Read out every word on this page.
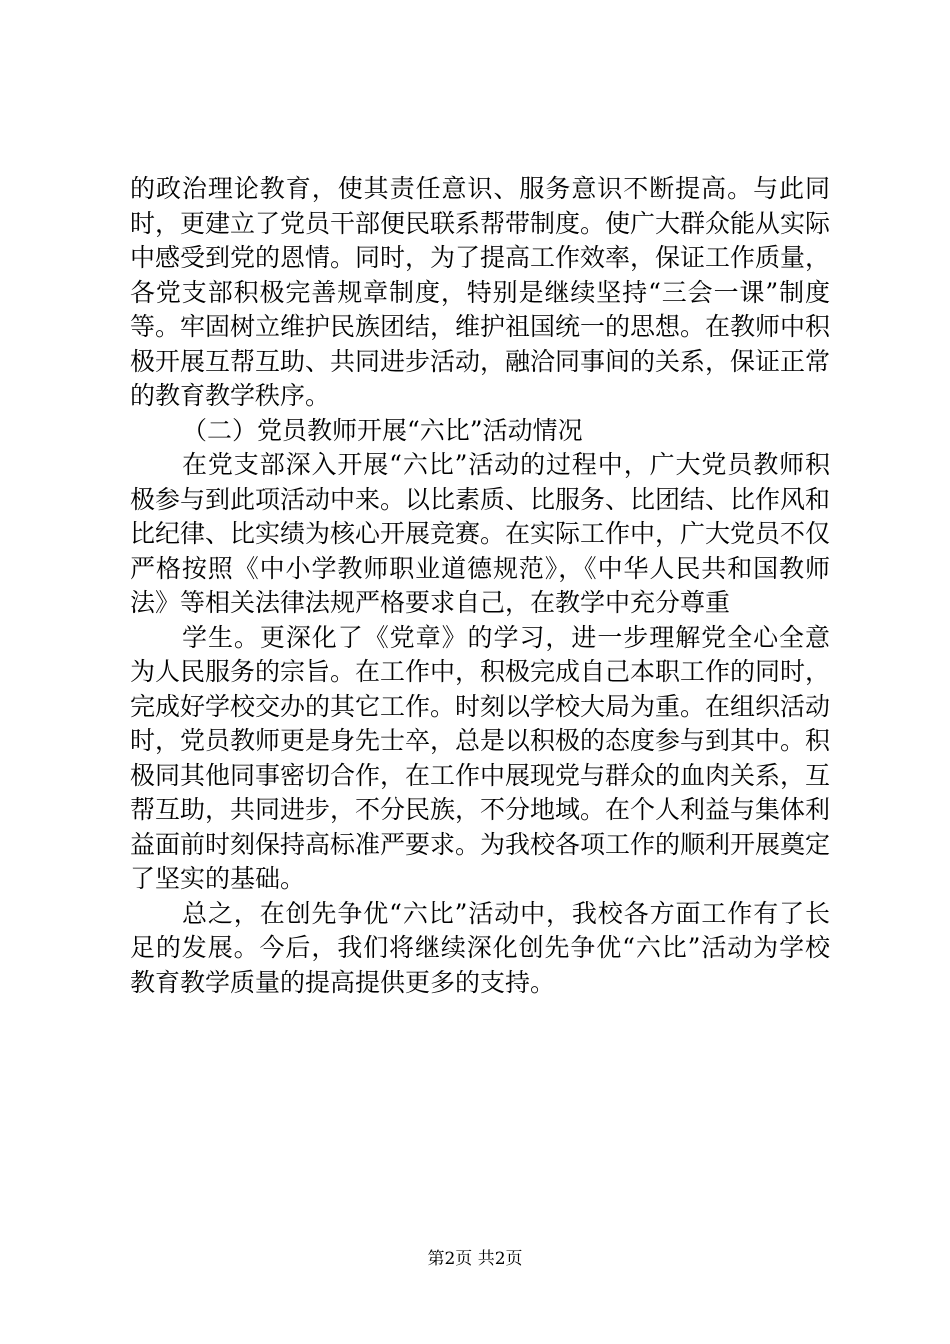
的政治理论教育，使其责任意识、服务意识不断提高。与此同时，更建立了党员干部便民联系帮带制度。使广大群众能从实际中感受到党的恩情。同时，为了提高工作效率，保证工作质量，各党支部积极完善规章制度，特别是继续坚持“三会一课”制度等。牢固树立维护民族团结，维护祖国统一的思想。在教师中积极开展互帮互助、共同进步活动，融洽同事间的关系，保证正常的教育教学秩序。

（二）党员教师开展“六比”活动情况

在党支部深入开展“六比”活动的过程中，广大党员教师积极参与到此项活动中来。以比素质、比服务、比团结、比作风和比纪律、比实绩为核心开展竞赛。在实际工作中，广大党员不仅严格按照《中小学教师职业道德规范》，《中华人民共和国教师法》等相关法律法规严格要求自己，在教学中充分尊重

学生。更深化了《党章》的学习，进一步理解党全心全意为人民服务的宗旨。在工作中，积极完成自己本职工作的同时，完成好学校交办的其它工作。时刻以学校大局为重。在组织活动时，党员教师更是身先士卒，总是以积极的态度参与到其中。积极同其他同事密切合作，在工作中展现党与群众的血肉关系，互帮互助，共同进步，不分民族，不分地域。在个人利益与集体利益面前时刻保持高标准严要求。为我校各项工作的顺利开展奠定了坚实的基础。

总之，在创先争优“六比”活动中，我校各方面工作有了长足的发展。今后，我们将继续深化创先争优“六比”活动为学校教育教学质量的提高提供更多的支持。

第2页 共2页
